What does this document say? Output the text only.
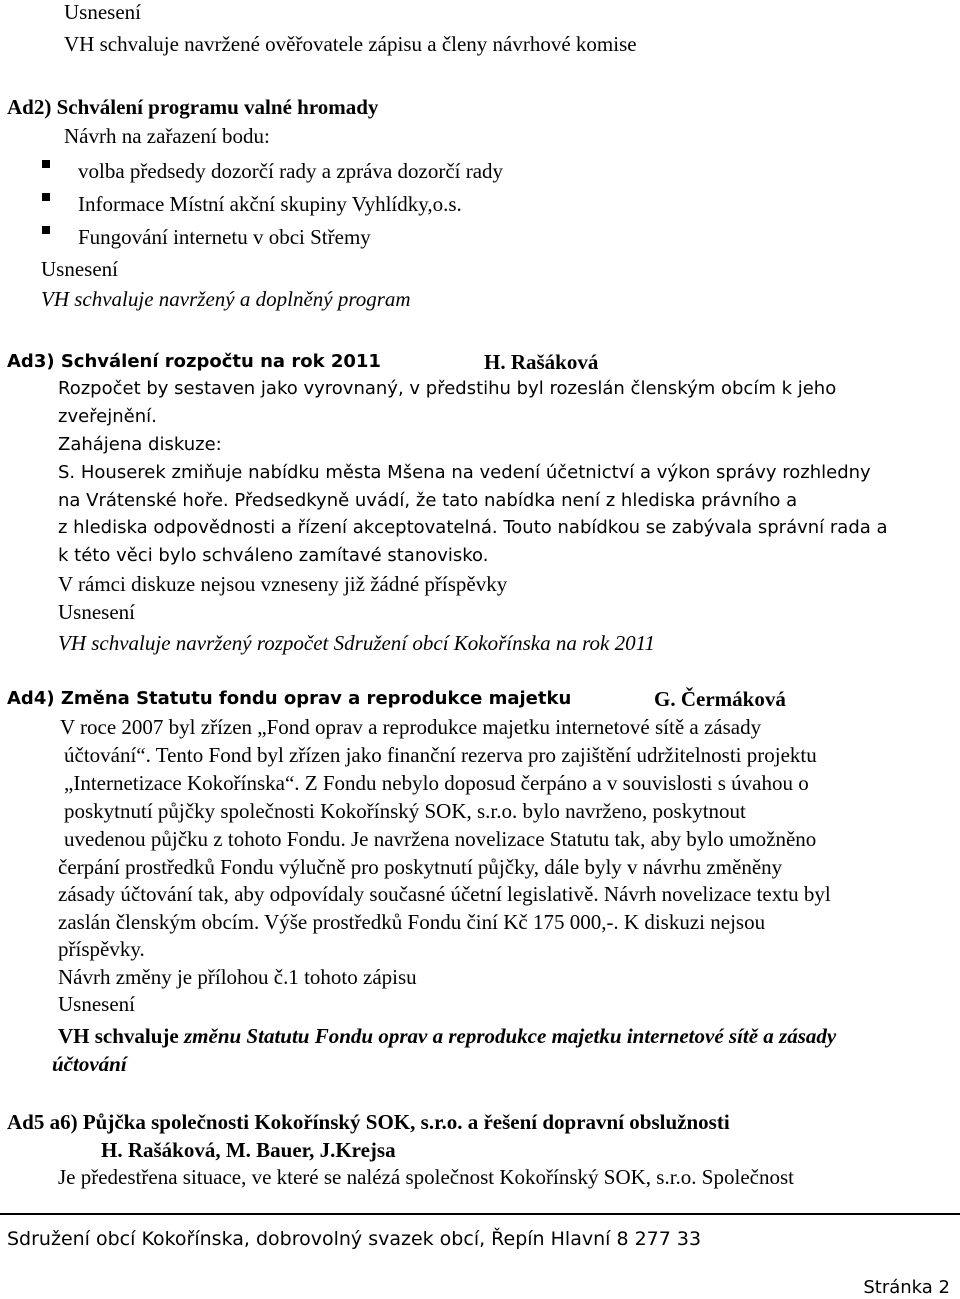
Usnesení
VH schvaluje navržené ověřovatele zápisu a členy návrhové komise
Ad2) Schválení programu valné hromady
Návrh na zařazení bodu:
volba předsedy dozorčí rady a zpráva dozorčí rady
Informace Místní akční skupiny Vyhlídky,o.s.
Fungování internetu v obci Střemy
Usnesení
VH schvaluje navržený a doplněný program
Ad3) Schválení rozpočtu na rok 2011	H. Rašáková
Rozpočet by sestaven jako vyrovnaný, v předstihu byl rozeslán členským obcím k jeho
zveřejnění.
Zahájena diskuze:
S. Houserek zmiňuje nabídku města Mšena na vedení účetnictví a výkon správy rozhledny
na Vrátenské hoře. Předsedkyně uvádí, že tato nabídka není z hlediska právního a
z hlediska odpovědnosti a řízení akceptovatelná. Touto nabídkou se zabývala správní rada a
k této věci bylo schváleno zamítavé stanovisko.
V rámci diskuze nejsou vzneseny již žádné příspěvky
Usnesení
VH schvaluje navržený rozpočet Sdružení obcí Kokořínska na rok 2011
Ad4) Změna Statutu fondu oprav a reprodukce majetku	G. Čermáková
V roce 2007 byl zřízen „Fond oprav a reprodukce majetku internetové sítě a zásady
účtování“. Tento Fond byl zřízen jako finanční rezerva pro zajištění udržitelnosti projektu
„Internetizace Kokořínska“. Z Fondu nebylo doposud čerpáno a v souvislosti s úvahou o
poskytnutí půjčky společnosti Kokořínský SOK, s.r.o. bylo navrženo, poskytnout
uvedenou půjčku z tohoto Fondu. Je navržena novelizace Statutu tak, aby bylo umožněno
čerpání prostředků Fondu výlučně pro poskytnutí půjčky, dále byly v návrhu změněny
zásady účtování tak, aby odpovídaly současné účetní legislativě. Návrh novelizace textu byl
zaslán členským obcím. Výše prostředků Fondu činí Kč 175 000,-. K diskuzi nejsou
příspěvky.
Návrh změny je přílohou č.1 tohoto zápisu
Usnesení
VH schvaluje změnu Statutu Fondu oprav a reprodukce majetku internetové sítě a zásady
účtování
Ad5 a6) Půjčka společnosti Kokořínský SOK, s.r.o. a řešení dopravní obslužnosti
H. Rašáková, M. Bauer, J.Krejsa
Je předestřena situace, ve které se nalézá společnost Kokořínský SOK, s.r.o. Společnost
Sdružení obcí Kokořínska, dobrovolný svazek obcí, Řepín Hlavní 8 277 33
Stránka 2
